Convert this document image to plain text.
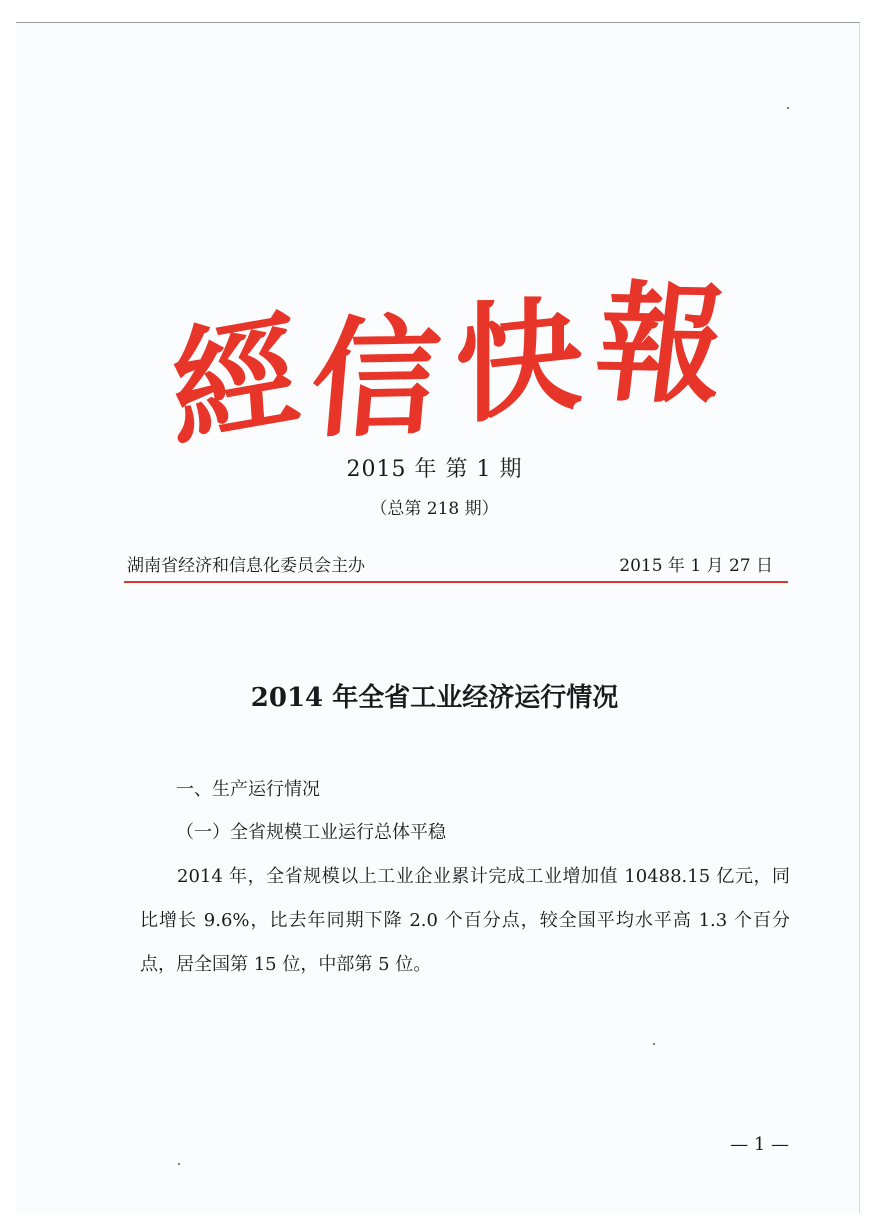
經
信 快 報
2015 年 第 1 期
（总第 218 期）
湖南省经济和信息化委员会主办	2015 年 1 月 27 日
2014 年全省工业经济运行情况
一、生产运行情况
（一）全省规模工业运行总体平稳
2014 年，全省规模以上工业企业累计完成工业增加值 10488.15 亿元，同比增长 9.6%，比去年同期下降 2.0 个百分点，较全国平均水平高 1.3 个百分点，居全国第 15 位，中部第 5 位。
— 1 —
